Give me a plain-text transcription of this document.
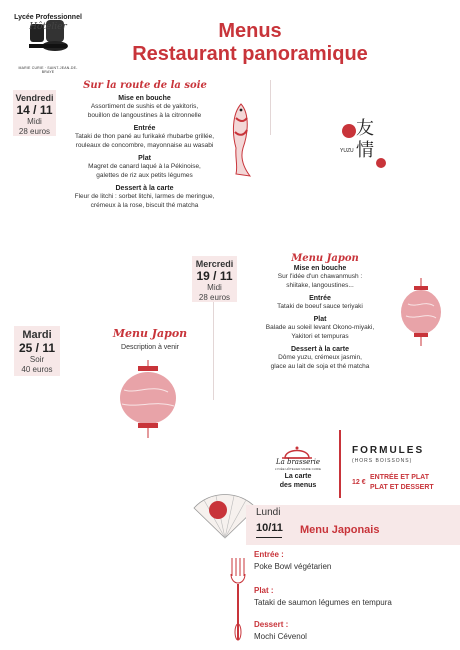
Lycée Professionnel
Hôtelier
MARIE CURIE · SAINT-JEAN-DE-BRAYE
Menus
Restaurant panoramique
Vendredi
14 / 11
Midi
28 euros
Sur la route de la soie
Mise en bouche
Assortiment de sushis et de yakitoris,
bouillon de langoustines à la citronnelle
Entrée
Tataki de thon pané au furikaké rhubarbe grillée,
rouleaux de concombre, mayonnaise au wasabi
Plat
Magret de canard laqué à la Pékinoise,
galettes de riz aux petits légumes
Dessert à la carte
Fleur de litchi : sorbet litchi, larmes de meringue,
crémeux à la rose, biscuit thé matcha
友情
YUZU
Mercredi
19 / 11
Midi
28 euros
Menu Japon
Mise en bouche
Sur l'idée d'un chawanmush :
shiitake, langoustines...
Entrée
Tataki de boeuf sauce teriyaki
Plat
Balade au soleil levant Okono-miyaki,
Yakitori et tempuras
Dessert à la carte
Dôme yuzu, crémeux jasmin,
glace au lait de soja et thé matcha
Mardi
25 / 11
Soir
40 euros
Menu Japon
Description à venir
La brasserie
LYCÉE HÔTELIER MARIE CURIE
La carte
des menus
FORMULES
(HORS BOISSONS)
12 €
ENTRÉE ET PLAT
PLAT ET DESSERT
Lundi
10/11	Menu Japonais
Entrée :
Poke Bowl végétarien
Plat :
Tataki de saumon légumes en tempura
Dessert :
Mochi Cévenol
